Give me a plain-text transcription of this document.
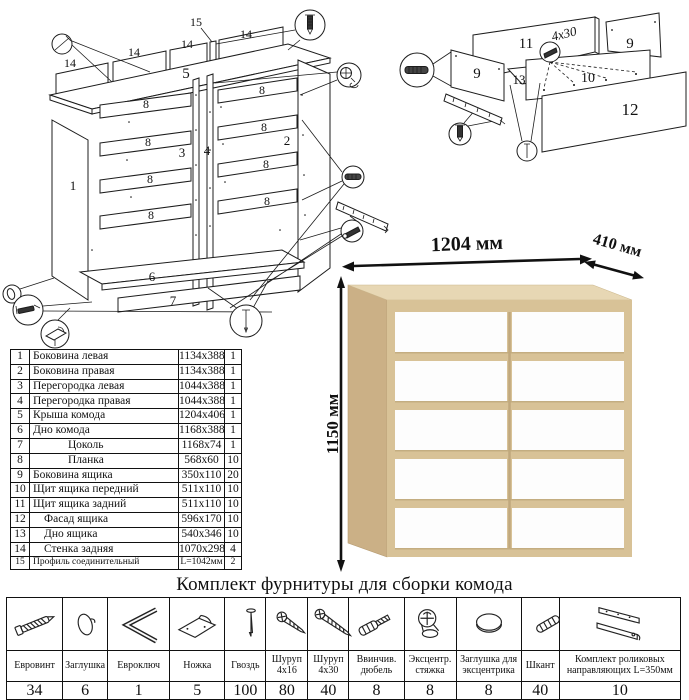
14
14
14
14
15
5
1
2
3 4
6
7
8
8
8
8
8
8
8
8
11	9
9 13	10
12
4x30
1	Боковина левая	1134x388	1
2	Боковина правая	1134x388	1
3	Перегородка левая	1044x388	1
4	Перегородка правая	1044x388	1
5	Крыша комода	1204x406	1
6	Дно комода	1168x388	1
7	Цоколь	1168x74	1
8	Планка	568x60	10
9	Боковина ящика	350x110	20
10	Щит ящика передний	511x110	10
11	Щит ящика задний	511x110	10
12	Фасад ящика	596x170	10
13	Дно ящика	540x346	10
14	Стенка задняя	1070x298	4
15	Профиль соединительный	L=1042мм	2
1204 мм	410 мм
1150 мм
Комплект фурнитуры для сборки комода

Евровинт	Заглушка	Евроключ	Ножка	Гвоздь	Шуруп 4x16	Шуруп 4x30	Ввинчив. дюбель	Эксцентр. стяжка	Заглушка для эксцентрика	Шкант	Комплект роликовых направляющих L=350мм
34	6	1	5	100	80	40	8	8	8	40	10
